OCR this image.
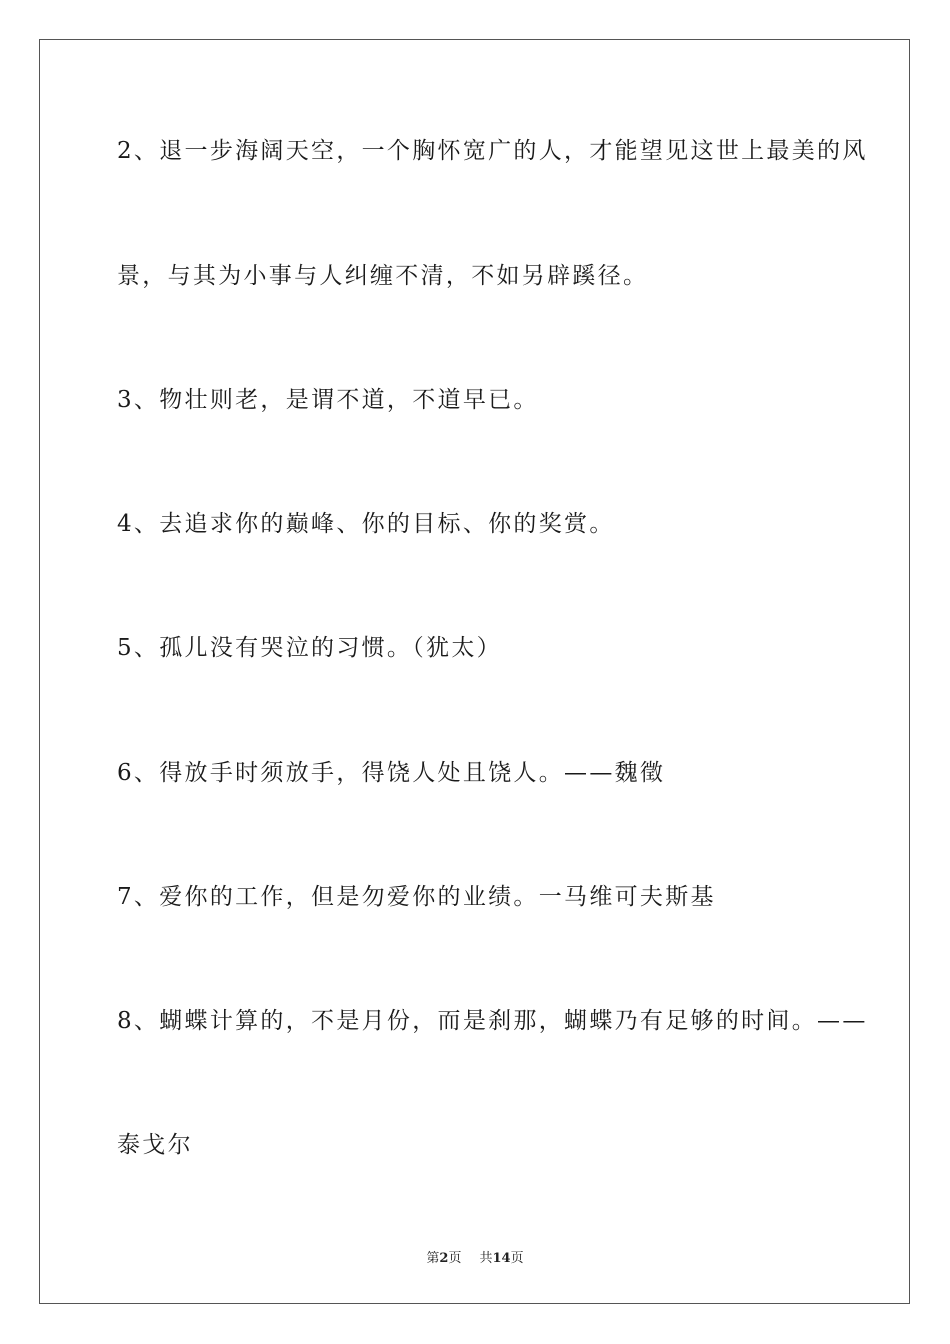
2、退一步海阔天空，一个胸怀宽广的人，才能望见这世上最美的风
景，与其为小事与人纠缠不清，不如另辟蹊径。
3、物壮则老，是谓不道，不道早已。
4、去追求你的巅峰、你的目标、你的奖赏。
5、孤儿没有哭泣的习惯。（犹太）
6、得放手时须放手，得饶人处且饶人。——魏徵
7、爱你的工作，但是勿爱你的业绩。一马维可夫斯基
8、蝴蝶计算的，不是月份，而是刹那，蝴蝶乃有足够的时间。——
泰戈尔
第2页 共14页
